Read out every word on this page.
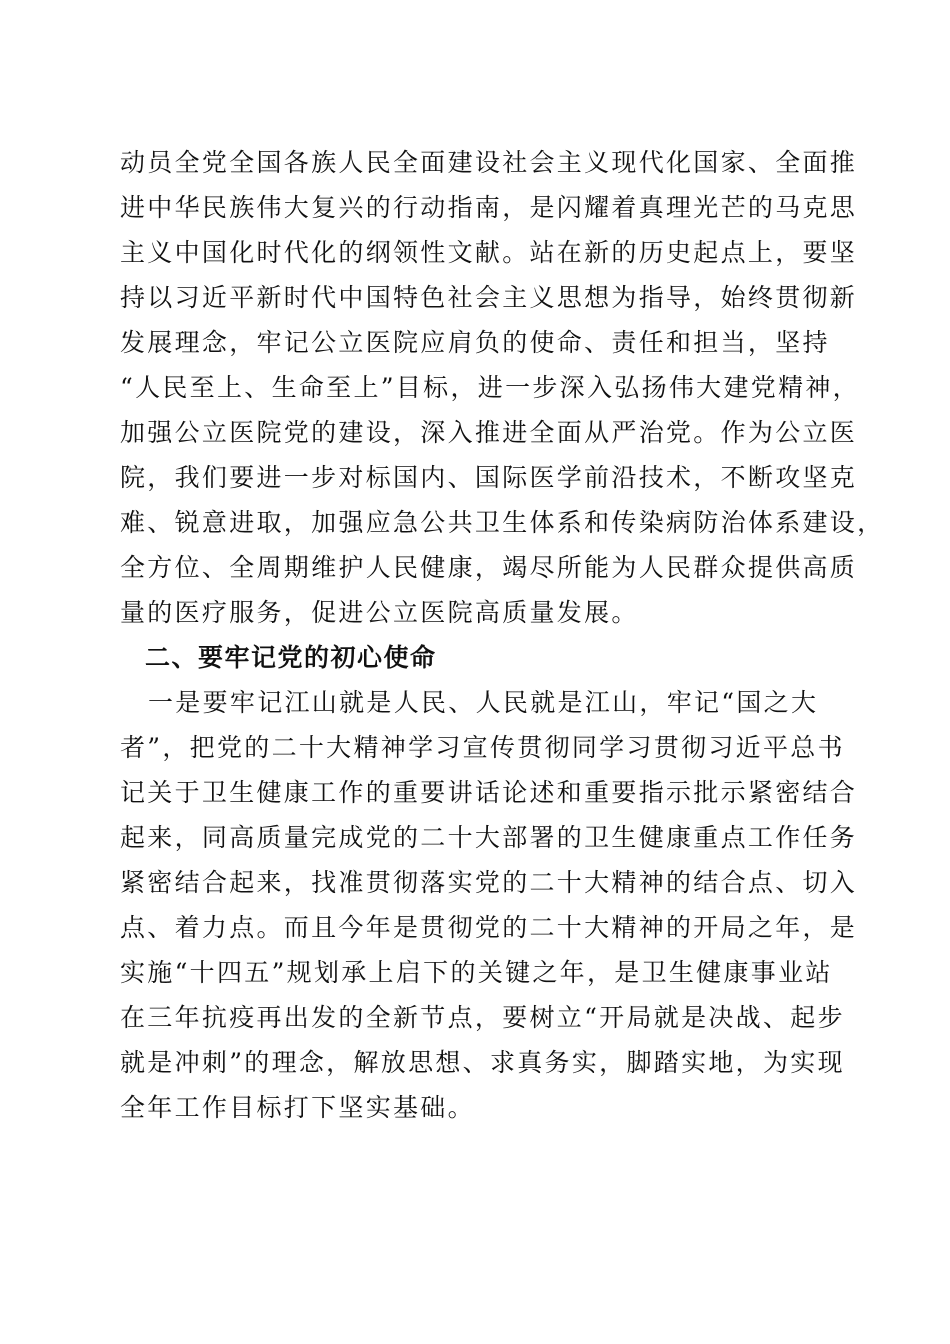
动员全党全国各族人民全面建设社会主义现代化国家、全面推
进中华民族伟大复兴的行动指南，是闪耀着真理光芒的马克思
主义中国化时代化的纲领性文献。站在新的历史起点上，要坚
持以习近平新时代中国特色社会主义思想为指导，始终贯彻新
发展理念，牢记公立医院应肩负的使命、责任和担当，坚持
“人民至上、生命至上”目标，进一步深入弘扬伟大建党精神，
加强公立医院党的建设，深入推进全面从严治党。作为公立医
院，我们要进一步对标国内、国际医学前沿技术，不断攻坚克
难、锐意进取，加强应急公共卫生体系和传染病防治体系建设，
全方位、全周期维护人民健康，竭尽所能为人民群众提供高质
量的医疗服务，促进公立医院高质量发展。
二、要牢记党的初心使命
一是要牢记江山就是人民、人民就是江山，牢记“国之大
者”，把党的二十大精神学习宣传贯彻同学习贯彻习近平总书
记关于卫生健康工作的重要讲话论述和重要指示批示紧密结合
起来，同高质量完成党的二十大部署的卫生健康重点工作任务
紧密结合起来，找准贯彻落实党的二十大精神的结合点、切入
点、着力点。而且今年是贯彻党的二十大精神的开局之年，是
实施“十四五”规划承上启下的关键之年，是卫生健康事业站
在三年抗疫再出发的全新节点，要树立“开局就是决战、起步
就是冲刺”的理念，解放思想、求真务实，脚踏实地，为实现
全年工作目标打下坚实基础。
